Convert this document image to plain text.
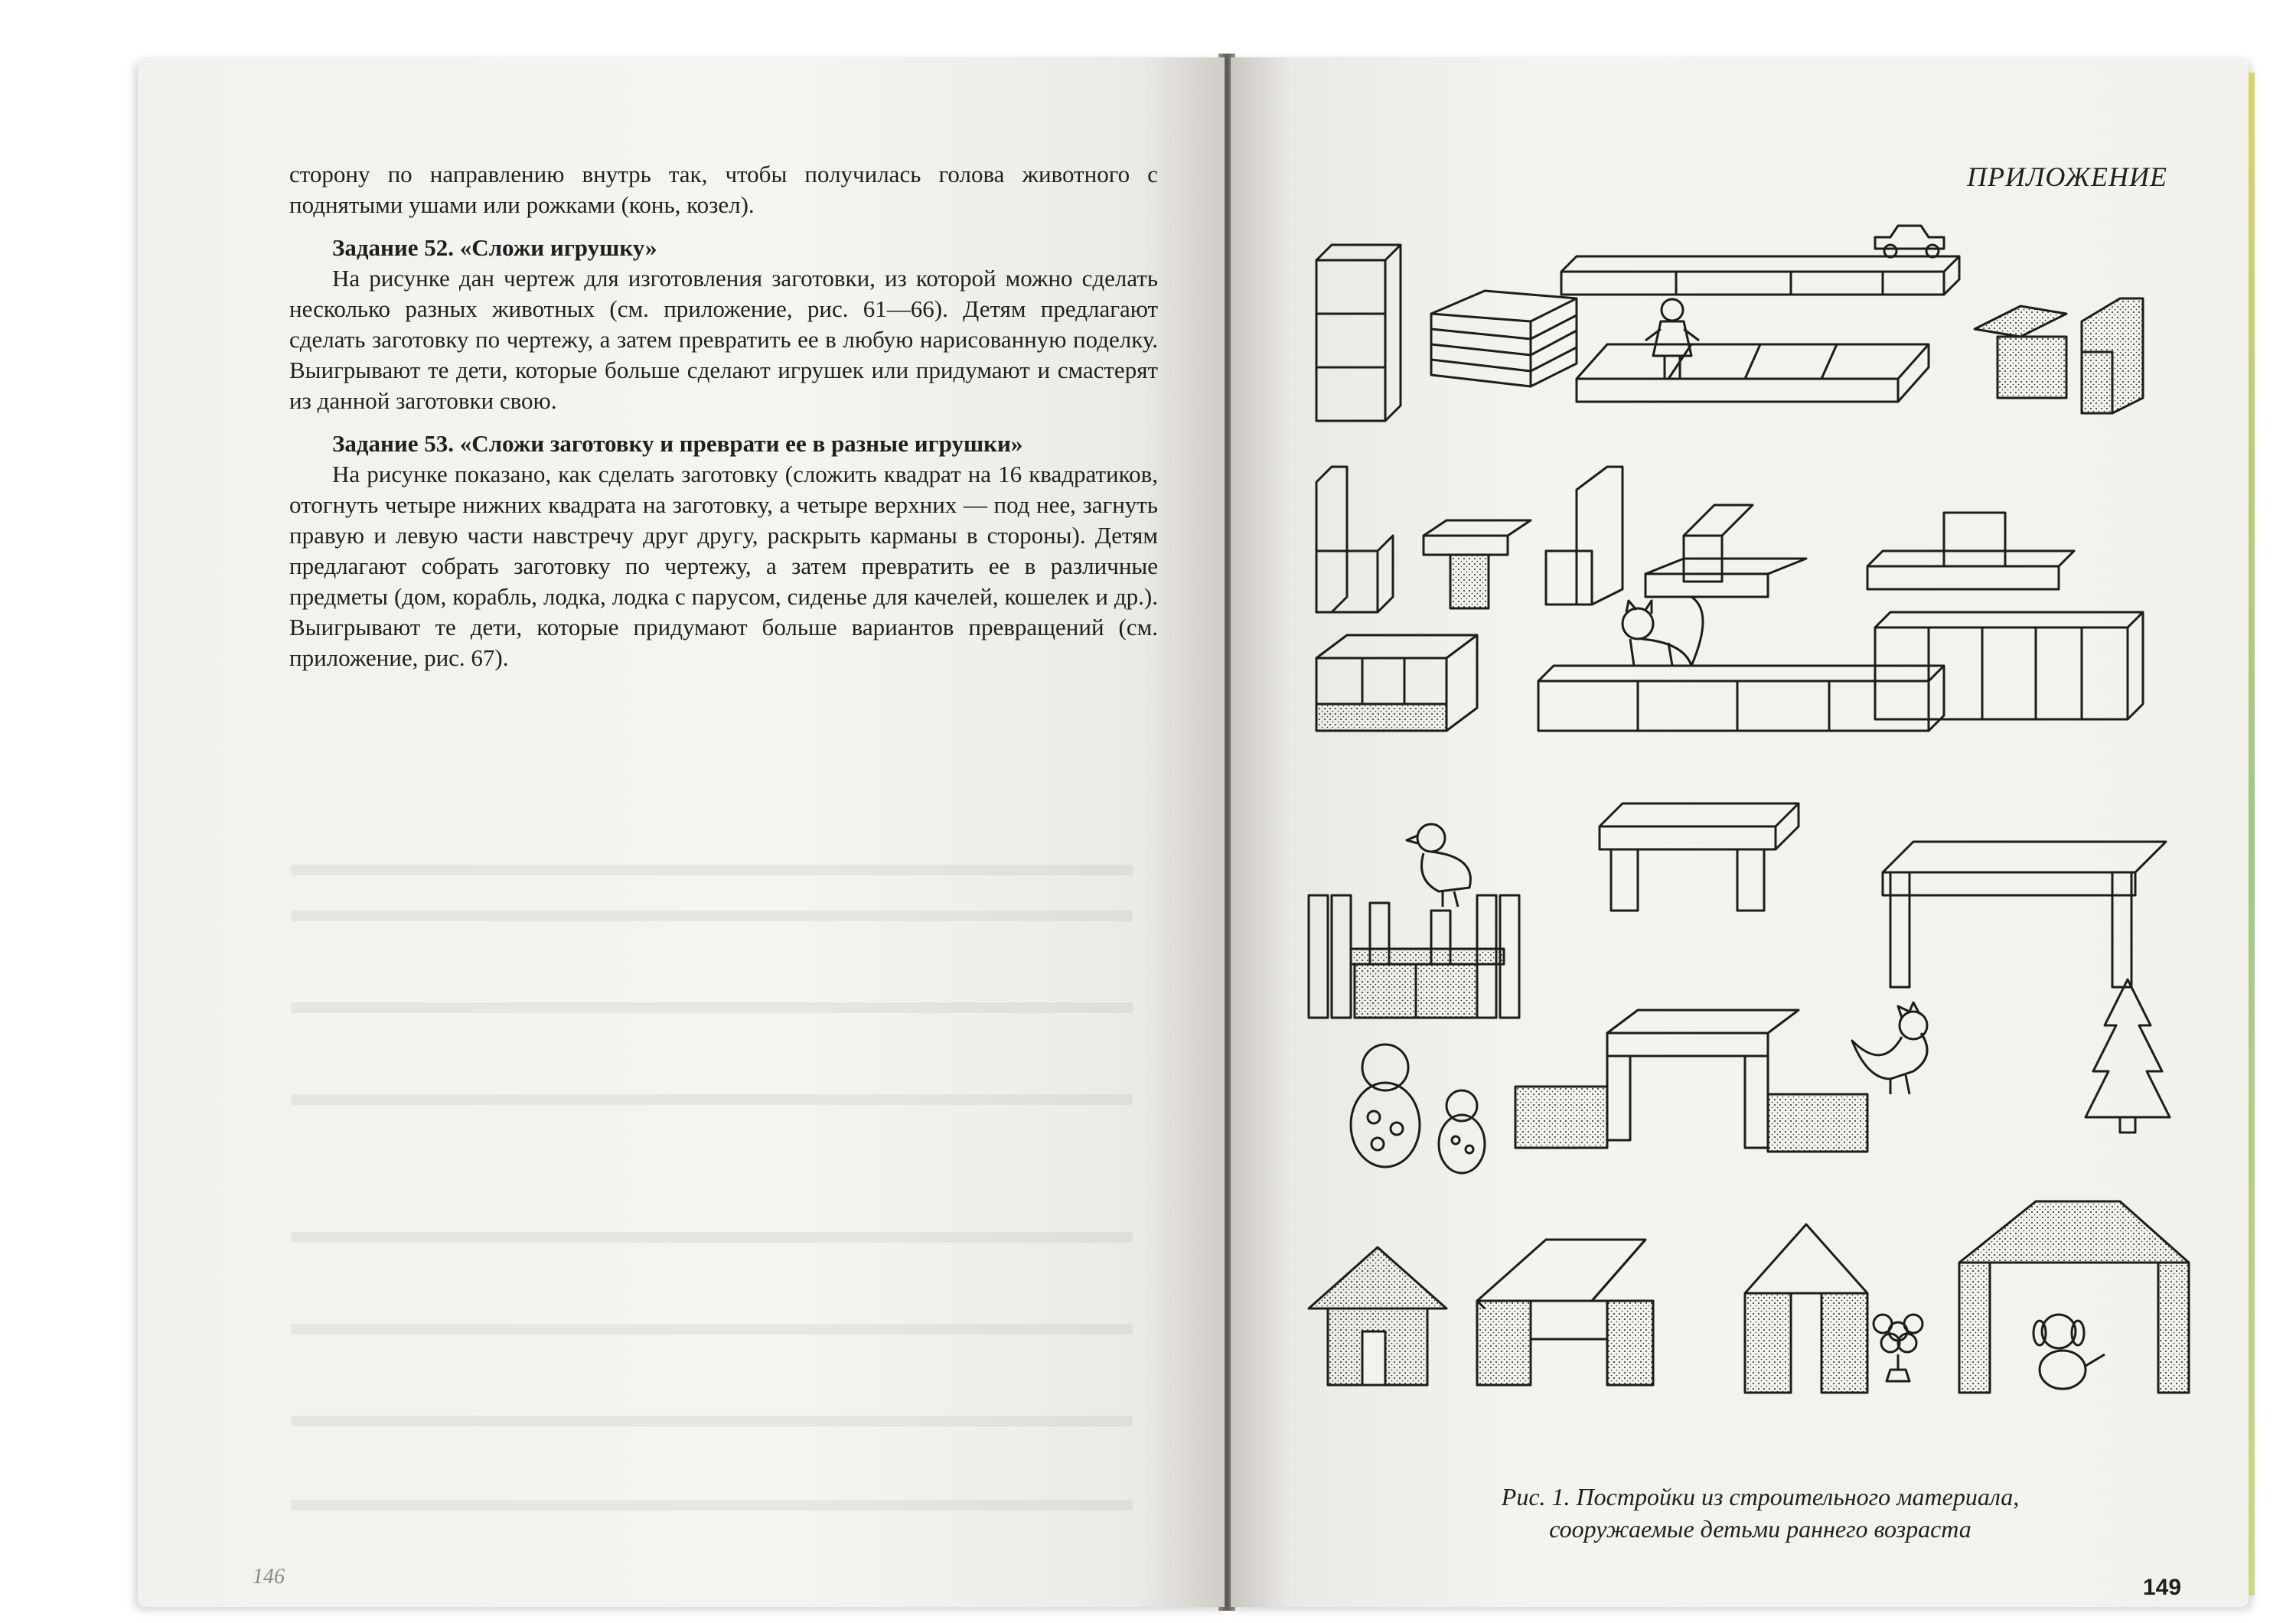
сторону по направлению внутрь так, чтобы получилась голова животного с поднятыми ушами или рожками (конь, козел).

Задание 52. «Сложи игрушку»

На рисунке дан чертеж для изготовления заготовки, из которой можно сделать несколько разных животных (см. приложение, рис. 61—66). Детям предлагают сделать заготовку по чертежу, а затем превратить ее в любую нарисованную поделку. Выигрывают те дети, которые больше сделают игрушек или придумают и смастерят из данной заготовки свою.

Задание 53. «Сложи заготовку и преврати ее в разные игрушки»

На рисунке показано, как сделать заготовку (сложить квадрат на 16 квадратиков, отогнуть четыре нижних квадрата на заготовку, а четыре верхних — под нее, загнуть правую и левую части навстречу друг другу, раскрыть карманы в стороны). Детям предлагают собрать заготовку по чертежу, а затем превратить ее в различные предметы (дом, корабль, лодка, лодка с парусом, сиденье для качелей, кошелек и др.). Выигрывают те дети, которые придумают больше вариантов превращений (см. приложение, рис. 67).

146
ПРИЛОЖЕНИЕ
Рис. 1. Постройки из строительного материала,
сооружаемые детьми раннего возраста
149
